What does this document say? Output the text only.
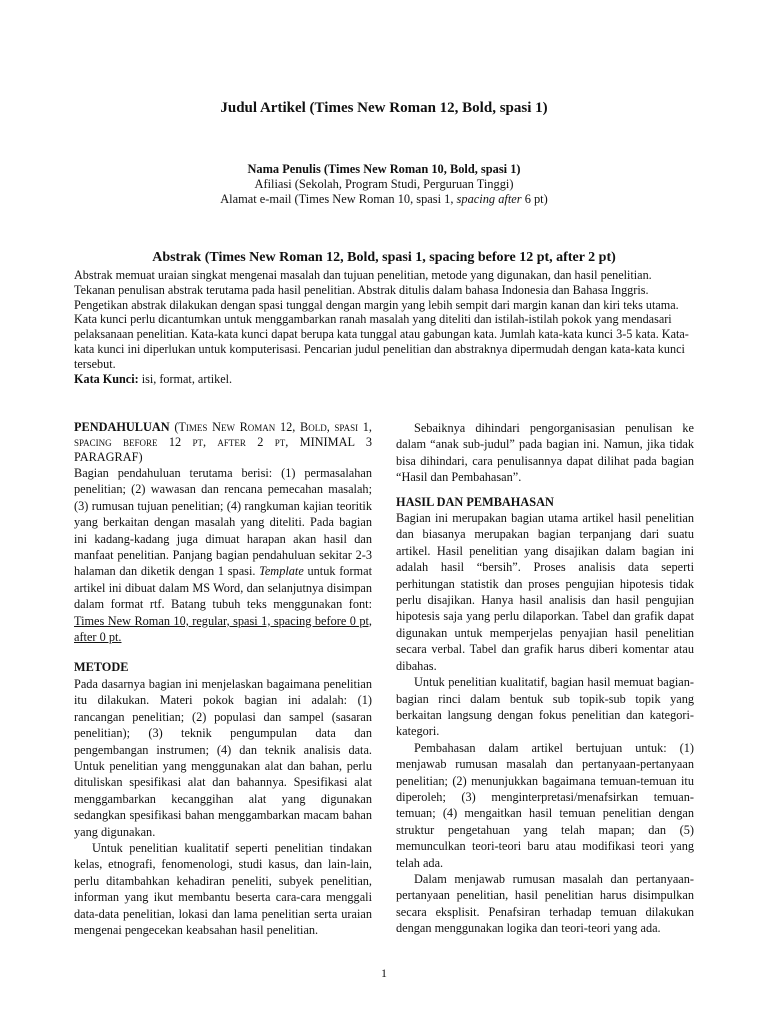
Judul Artikel (Times New Roman 12, Bold, spasi 1)
Nama Penulis (Times New Roman 10, Bold, spasi 1)
Afiliasi (Sekolah, Program Studi, Perguruan Tinggi)
Alamat e-mail (Times New Roman 10, spasi 1, spacing after 6 pt)
Abstrak (Times New Roman 12, Bold, spasi 1, spacing before 12 pt, after 2 pt)

Abstrak memuat uraian singkat mengenai masalah dan tujuan penelitian, metode yang digunakan, dan hasil penelitian. Tekanan penulisan abstrak terutama pada hasil penelitian. Abstrak ditulis dalam bahasa Indonesia dan Bahasa Inggris. Pengetikan abstrak dilakukan dengan spasi tunggal dengan margin yang lebih sempit dari margin kanan dan kiri teks utama. Kata kunci perlu dicantumkan untuk menggambarkan ranah masalah yang diteliti dan istilah-istilah pokok yang mendasari pelaksanaan penelitian. Kata-kata kunci dapat berupa kata tunggal atau gabungan kata. Jumlah kata-kata kunci 3-5 kata. Kata-kata kunci ini diperlukan untuk komputerisasi. Pencarian judul penelitian dan abstraknya dipermudah dengan kata-kata kunci tersebut.

Kata Kunci: isi, format, artikel.

PENDAHULUAN (Times New Roman 12, Bold, spasi 1, spacing before 12 pt, after 2 pt, MINIMAL 3 PARAGRAF)

Bagian pendahuluan terutama berisi: (1) permasalahan penelitian; (2) wawasan dan rencana pemecahan masalah; (3) rumusan tujuan penelitian; (4) rangkuman kajian teoritik yang berkaitan dengan masalah yang diteliti. Pada bagian ini kadang-kadang juga dimuat harapan akan hasil dan manfaat penelitian. Panjang bagian pendahuluan sekitar 2-3 halaman dan diketik dengan 1 spasi. Template untuk format artikel ini dibuat dalam MS Word, dan selanjutnya disimpan dalam format rtf. Batang tubuh teks menggunakan font: Times New Roman 10, regular, spasi 1, spacing before 0 pt, after 0 pt.

METODE

Pada dasarnya bagian ini menjelaskan bagaimana penelitian itu dilakukan. Materi pokok bagian ini adalah: (1) rancangan penelitian; (2) populasi dan sampel (sasaran penelitian); (3) teknik pengumpulan data dan pengembangan instrumen; (4) dan teknik analisis data. Untuk penelitian yang menggunakan alat dan bahan, perlu dituliskan spesifikasi alat dan bahannya. Spesifikasi alat menggambarkan kecanggihan alat yang digunakan sedangkan spesifikasi bahan menggambarkan macam bahan yang digunakan.

Untuk penelitian kualitatif seperti penelitian tindakan kelas, etnografi, fenomenologi, studi kasus, dan lain-lain, perlu ditambahkan kehadiran peneliti, subyek penelitian, informan yang ikut membantu beserta cara-cara menggali data-data penelitian, lokasi dan lama penelitian serta uraian mengenai pengecekan keabsahan hasil penelitian.

Sebaiknya dihindari pengorganisasian penulisan ke dalam “anak sub-judul” pada bagian ini. Namun, jika tidak bisa dihindari, cara penulisannya dapat dilihat pada bagian “Hasil dan Pembahasan”.

HASIL DAN PEMBAHASAN

Bagian ini merupakan bagian utama artikel hasil penelitian dan biasanya merupakan bagian terpanjang dari suatu artikel. Hasil penelitian yang disajikan dalam bagian ini adalah hasil “bersih”. Proses analisis data seperti perhitungan statistik dan proses pengujian hipotesis tidak perlu disajikan. Hanya hasil analisis dan hasil pengujian hipotesis saja yang perlu dilaporkan. Tabel dan grafik dapat digunakan untuk memperjelas penyajian hasil penelitian secara verbal. Tabel dan grafik harus diberi komentar atau dibahas.

Untuk penelitian kualitatif, bagian hasil memuat bagian-bagian rinci dalam bentuk sub topik-sub topik yang berkaitan langsung dengan fokus penelitian dan kategori-kategori.

Pembahasan dalam artikel bertujuan untuk: (1) menjawab rumusan masalah dan pertanyaan-pertanyaan penelitian; (2) menunjukkan bagaimana temuan-temuan itu diperoleh; (3) menginterpretasi/menafsirkan temuan-temuan; (4) mengaitkan hasil temuan penelitian dengan struktur pengetahuan yang telah mapan; dan (5) memunculkan teori-teori baru atau modifikasi teori yang telah ada.

Dalam menjawab rumusan masalah dan pertanyaan-pertanyaan penelitian, hasil penelitian harus disimpulkan secara eksplisit. Penafsiran terhadap temuan dilakukan dengan menggunakan logika dan teori-teori yang ada.

1
